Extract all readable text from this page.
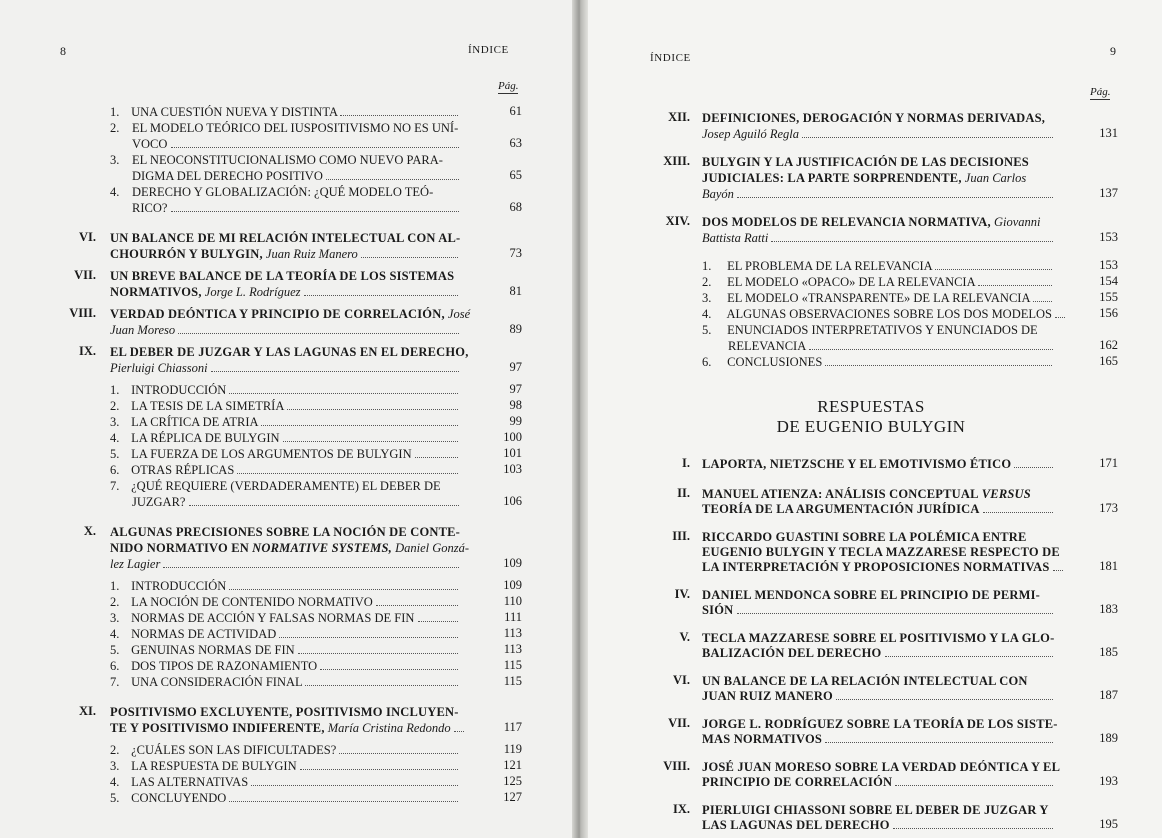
8	ÍNDICE
Pág.
1. UNA CUESTIÓN NUEVA Y DISTINTA	61
2. EL MODELO TEÓRICO DEL IUSPOSITIVISMO NO ES UNÍ-
VOCO	63
3. EL NEOCONSTITUCIONALISMO COMO NUEVO PARA-
DIGMA DEL DERECHO POSITIVO	65
4. DERECHO Y GLOBALIZACIÓN: ¿QUÉ MODELO TEÓ-
RICO?	68
VI. UN BALANCE DE MI RELACIÓN INTELECTUAL CON AL-
CHOURRÓN Y BULYGIN, Juan Ruiz Manero	73
VII. UN BREVE BALANCE DE LA TEORÍA DE LOS SISTEMAS
NORMATIVOS, Jorge L. Rodríguez	81
VIII. VERDAD DEÓNTICA Y PRINCIPIO DE CORRELACIÓN, José
Juan Moreso	89
IX. EL DEBER DE JUZGAR Y LAS LAGUNAS EN EL DERECHO,
Pierluigi Chiassoni	97
1. INTRODUCCIÓN	97
2. LA TESIS DE LA SIMETRÍA	98
3. LA CRÍTICA DE ATRIA	99
4. LA RÉPLICA DE BULYGIN	100
5. LA FUERZA DE LOS ARGUMENTOS DE BULYGIN	101
6. OTRAS RÉPLICAS	103
7. ¿QUÉ REQUIERE (VERDADERAMENTE) EL DEBER DE
JUZGAR?	106
X. ALGUNAS PRECISIONES SOBRE LA NOCIÓN DE CONTE-
NIDO NORMATIVO EN NORMATIVE SYSTEMS, Daniel Gonzá-
lez Lagier	109
1. INTRODUCCIÓN	109
2. LA NOCIÓN DE CONTENIDO NORMATIVO	110
3. NORMAS DE ACCIÓN Y FALSAS NORMAS DE FIN	111
4. NORMAS DE ACTIVIDAD	113
5. GENUINAS NORMAS DE FIN	113
6. DOS TIPOS DE RAZONAMIENTO	115
7. UNA CONSIDERACIÓN FINAL	115
XI. POSITIVISMO EXCLUYENTE, POSITIVISMO INCLUYEN-
TE Y POSITIVISMO INDIFERENTE, María Cristina Redondo	117
2. ¿CUÁLES SON LAS DIFICULTADES?	119
3. LA RESPUESTA DE BULYGIN	121
4. LAS ALTERNATIVAS	125
5. CONCLUYENDO	127
ÍNDICE	9
Pág.
XII. DEFINICIONES, DEROGACIÓN Y NORMAS DERIVADAS,
Josep Aguiló Regla	131
XIII. BULYGIN Y LA JUSTIFICACIÓN DE LAS DECISIONES
JUDICIALES: LA PARTE SORPRENDENTE, Juan Carlos
Bayón	137
XIV. DOS MODELOS DE RELEVANCIA NORMATIVA, Giovanni
Battista Ratti	153
1. EL PROBLEMA DE LA RELEVANCIA	153
2. EL MODELO «OPACO» DE LA RELEVANCIA	154
3. EL MODELO «TRANSPARENTE» DE LA RELEVANCIA	155
4. ALGUNAS OBSERVACIONES SOBRE LOS DOS MODELOS	156
5. ENUNCIADOS INTERPRETATIVOS Y ENUNCIADOS DE
RELEVANCIA	162
6. CONCLUSIONES	165
RESPUESTAS
DE EUGENIO BULYGIN
I. LAPORTA, NIETZSCHE Y EL EMOTIVISMO ÉTICO	171
II. MANUEL ATIENZA: ANÁLISIS CONCEPTUAL VERSUS
TEORÍA DE LA ARGUMENTACIÓN JURÍDICA	173
III. RICCARDO GUASTINI SOBRE LA POLÉMICA ENTRE
EUGENIO BULYGIN Y TECLA MAZZARESE RESPECTO DE
LA INTERPRETACIÓN Y PROPOSICIONES NORMATIVAS	181
IV. DANIEL MENDONCA SOBRE EL PRINCIPIO DE PERMI-
SIÓN	183
V. TECLA MAZZARESE SOBRE EL POSITIVISMO Y LA GLO-
BALIZACIÓN DEL DERECHO	185
VI. UN BALANCE DE LA RELACIÓN INTELECTUAL CON
JUAN RUIZ MANERO	187
VII. JORGE L. RODRÍGUEZ SOBRE LA TEORÍA DE LOS SISTE-
MAS NORMATIVOS	189
VIII. JOSÉ JUAN MORESO SOBRE LA VERDAD DEÓNTICA Y EL
PRINCIPIO DE CORRELACIÓN	193
IX. PIERLUIGI CHIASSONI SOBRE EL DEBER DE JUZGAR Y
LAS LAGUNAS DEL DERECHO	195
